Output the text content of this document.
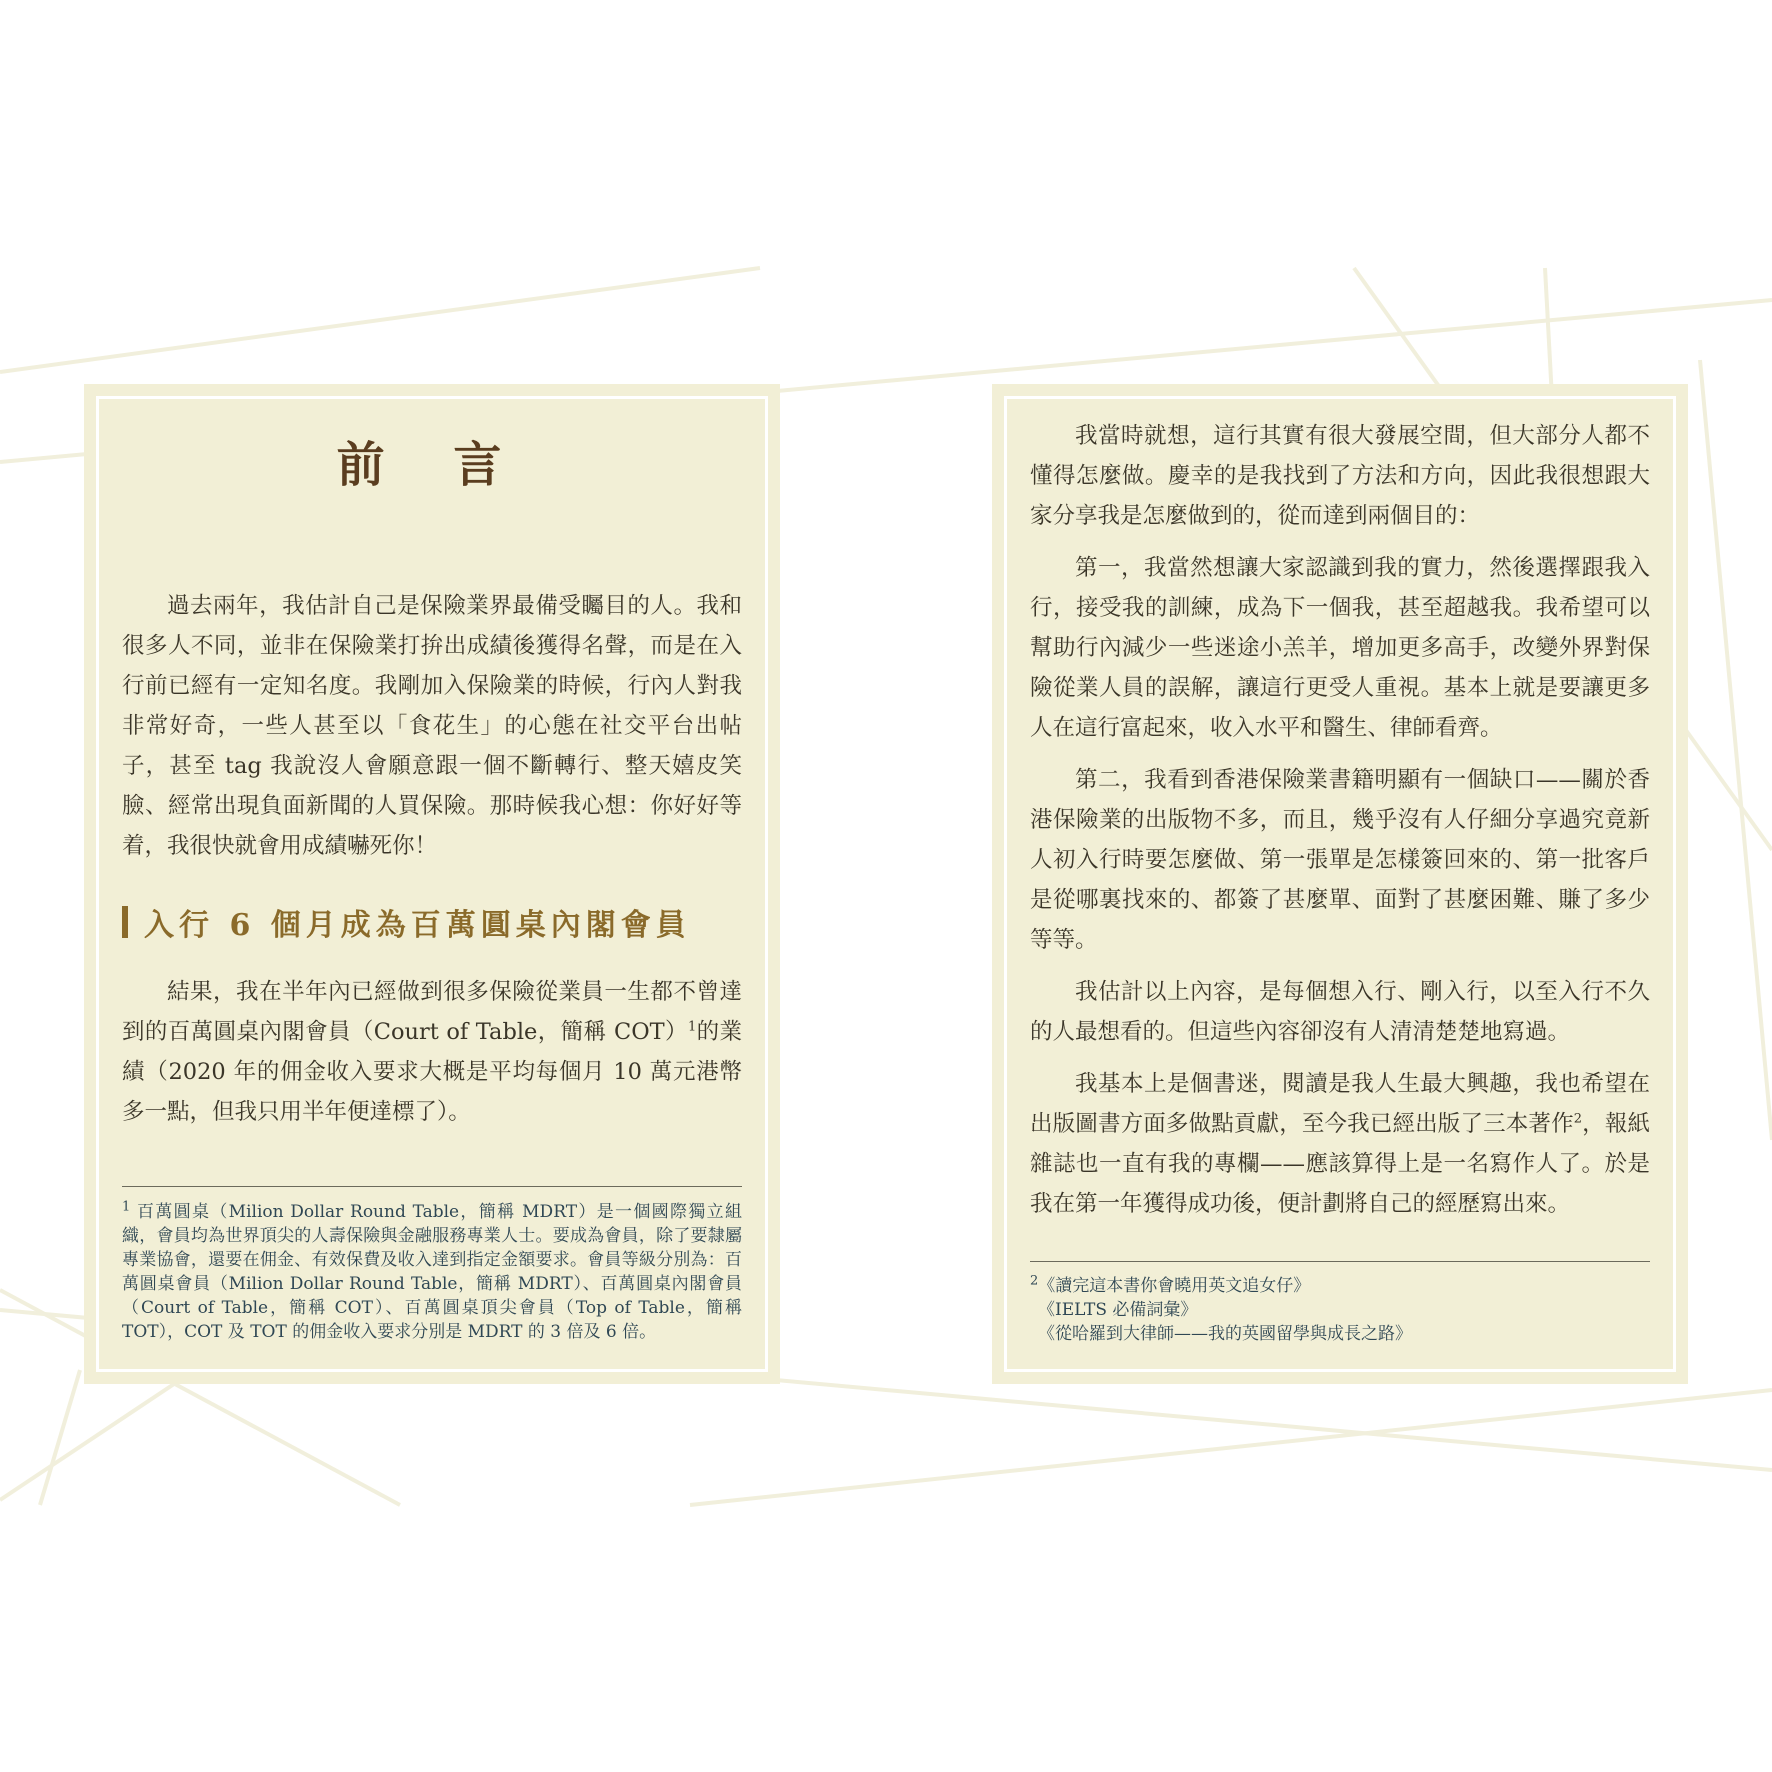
前 言

過去兩年，我估計自己是保險業界最備受矚目的人。我和很多人不同，並非在保險業打拚出成績後獲得名聲，而是在入行前已經有一定知名度。我剛加入保險業的時候，行內人對我非常好奇，一些人甚至以「食花生」的心態在社交平台出帖子，甚至 tag 我說沒人會願意跟一個不斷轉行、整天嬉皮笑臉、經常出現負面新聞的人買保險。那時候我心想：你好好等着，我很快就會用成績嚇死你！

入行 6 個月成為百萬圓桌內閣會員

結果，我在半年內已經做到很多保險從業員一生都不曾達到的百萬圓桌內閣會員（Court of Table，簡稱 COT）$^1$的業績（2020 年的佣金收入要求大概是平均每個月 10 萬元港幣多一點，但我只用半年便達標了）。

$^1$ 百萬圓桌（Milion Dollar Round Table，簡稱 MDRT）是一個國際獨立組織，會員均為世界頂尖的人壽保險與金融服務專業人士。要成為會員，除了要隸屬專業協會，還要在佣金、有效保費及收入達到指定金額要求。會員等級分別為：百萬圓桌會員（Milion Dollar Round Table，簡稱 MDRT）、百萬圓桌內閣會員（Court of Table，簡稱 COT）、百萬圓桌頂尖會員（Top of Table，簡稱 TOT），COT 及 TOT 的佣金收入要求分別是 MDRT 的 3 倍及 6 倍。

我當時就想，這行其實有很大發展空間，但大部分人都不懂得怎麼做。慶幸的是我找到了方法和方向，因此我很想跟大家分享我是怎麼做到的，從而達到兩個目的：

第一，我當然想讓大家認識到我的實力，然後選擇跟我入行，接受我的訓練，成為下一個我，甚至超越我。我希望可以幫助行內減少一些迷途小羔羊，增加更多高手，改變外界對保險從業人員的誤解，讓這行更受人重視。基本上就是要讓更多人在這行富起來，收入水平和醫生、律師看齊。

第二，我看到香港保險業書籍明顯有一個缺口——關於香港保險業的出版物不多，而且，幾乎沒有人仔細分享過究竟新人初入行時要怎麼做、第一張單是怎樣簽回來的、第一批客戶是從哪裏找來的、都簽了甚麼單、面對了甚麼困難、賺了多少等等。

我估計以上內容，是每個想入行、剛入行，以至入行不久的人最想看的。但這些內容卻沒有人清清楚楚地寫過。

我基本上是個書迷，閱讀是我人生最大興趣，我也希望在出版圖書方面多做點貢獻，至今我已經出版了三本著作$^2$，報紙雜誌也一直有我的專欄——應該算得上是一名寫作人了。於是我在第一年獲得成功後，便計劃將自己的經歷寫出來。

$^2$《讀完這本書你會曉用英文追女仔》
《IELTS 必備詞彙》
《從哈羅到大律師——我的英國留學與成長之路》
